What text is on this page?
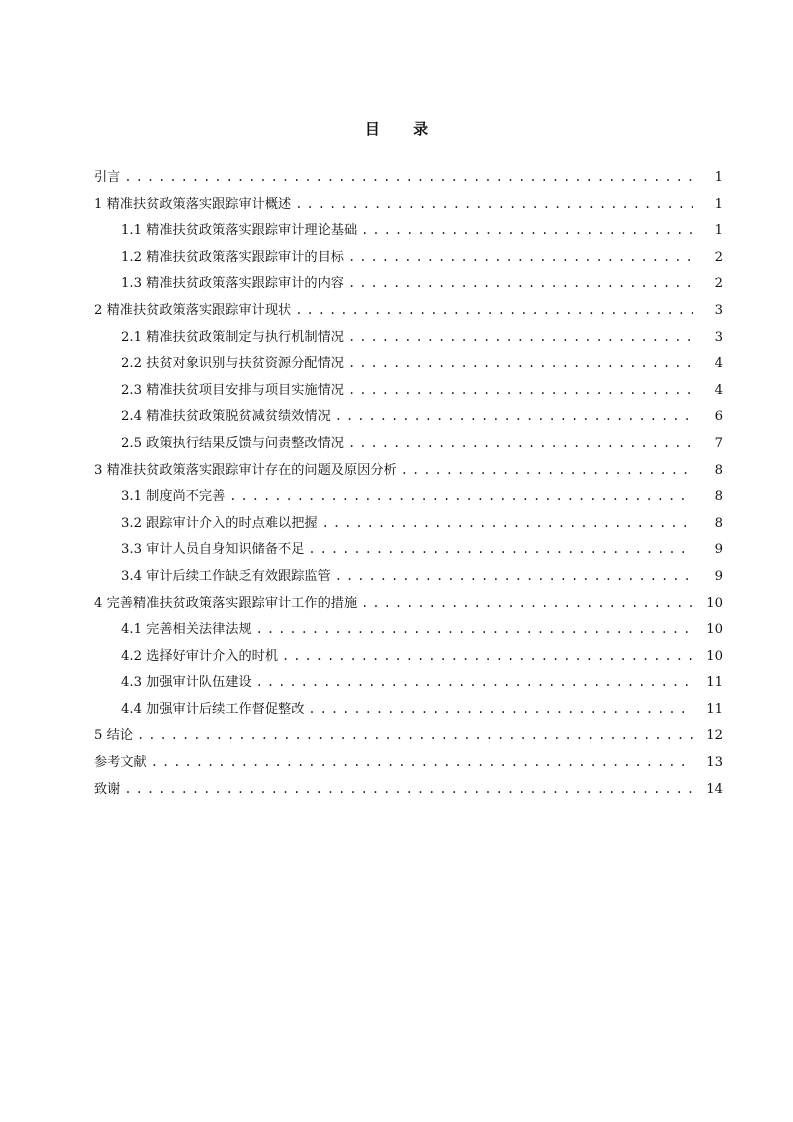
目 录
引言 . . .	1
1 精准扶贫政策落实跟踪审计概述 . . .	1
1.1 精准扶贫政策落实跟踪审计理论基础 . . .	1
1.2 精准扶贫政策落实跟踪审计的目标 . . .	2
1.3 精准扶贫政策落实跟踪审计的内容 . . .	2
2 精准扶贫政策落实跟踪审计现状 . . .	3
2.1 精准扶贫政策制定与执行机制情况 . . .	3
2.2 扶贫对象识别与扶贫资源分配情况 . . .	4
2.3 精准扶贫项目安排与项目实施情况 . . .	4
2.4 精准扶贫政策脱贫减贫绩效情况 . . .	6
2.5 政策执行结果反馈与问责整改情况 . . .	7
3 精准扶贫政策落实跟踪审计存在的问题及原因分析 . . .	8
3.1 制度尚不完善 . . .	8
3.2 跟踪审计介入的时点难以把握 . . .	8
3.3 审计人员自身知识储备不足 . . .	9
3.4 审计后续工作缺乏有效跟踪监管 . . .	9
4 完善精准扶贫政策落实跟踪审计工作的措施 . . .	10
4.1 完善相关法律法规 . . .	10
4.2 选择好审计介入的时机 . . .	10
4.3 加强审计队伍建设 . . .	11
4.4 加强审计后续工作督促整改 . . .	11
5 结论 . . .	12
参考文献 . . .	13
致谢 . . .	14
